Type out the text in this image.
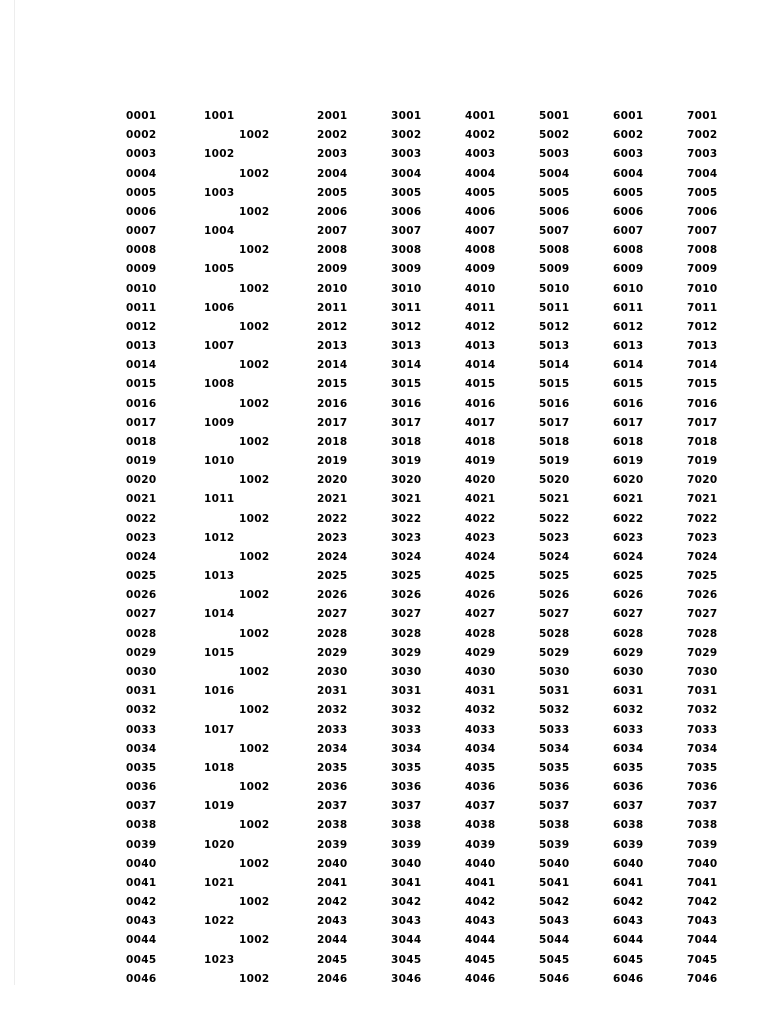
0001	1001	2001	3001	4001	5001	6001	7001
0002	1002	2002	3002	4002	5002	6002	7002
0003	1002	2003	3003	4003	5003	6003	7003
0004	1002	2004	3004	4004	5004	6004	7004
0005	1003	2005	3005	4005	5005	6005	7005
0006	1002	2006	3006	4006	5006	6006	7006
0007	1004	2007	3007	4007	5007	6007	7007
0008	1002	2008	3008	4008	5008	6008	7008
0009	1005	2009	3009	4009	5009	6009	7009
0010	1002	2010	3010	4010	5010	6010	7010
0011	1006	2011	3011	4011	5011	6011	7011
0012	1002	2012	3012	4012	5012	6012	7012
0013	1007	2013	3013	4013	5013	6013	7013
0014	1002	2014	3014	4014	5014	6014	7014
0015	1008	2015	3015	4015	5015	6015	7015
0016	1002	2016	3016	4016	5016	6016	7016
0017	1009	2017	3017	4017	5017	6017	7017
0018	1002	2018	3018	4018	5018	6018	7018
0019	1010	2019	3019	4019	5019	6019	7019
0020	1002	2020	3020	4020	5020	6020	7020
0021	1011	2021	3021	4021	5021	6021	7021
0022	1002	2022	3022	4022	5022	6022	7022
0023	1012	2023	3023	4023	5023	6023	7023
0024	1002	2024	3024	4024	5024	6024	7024
0025	1013	2025	3025	4025	5025	6025	7025
0026	1002	2026	3026	4026	5026	6026	7026
0027	1014	2027	3027	4027	5027	6027	7027
0028	1002	2028	3028	4028	5028	6028	7028
0029	1015	2029	3029	4029	5029	6029	7029
0030	1002	2030	3030	4030	5030	6030	7030
0031	1016	2031	3031	4031	5031	6031	7031
0032	1002	2032	3032	4032	5032	6032	7032
0033	1017	2033	3033	4033	5033	6033	7033
0034	1002	2034	3034	4034	5034	6034	7034
0035	1018	2035	3035	4035	5035	6035	7035
0036	1002	2036	3036	4036	5036	6036	7036
0037	1019	2037	3037	4037	5037	6037	7037
0038	1002	2038	3038	4038	5038	6038	7038
0039	1020	2039	3039	4039	5039	6039	7039
0040	1002	2040	3040	4040	5040	6040	7040
0041	1021	2041	3041	4041	5041	6041	7041
0042	1002	2042	3042	4042	5042	6042	7042
0043	1022	2043	3043	4043	5043	6043	7043
0044	1002	2044	3044	4044	5044	6044	7044
0045	1023	2045	3045	4045	5045	6045	7045
0046	1002	2046	3046	4046	5046	6046	7046
